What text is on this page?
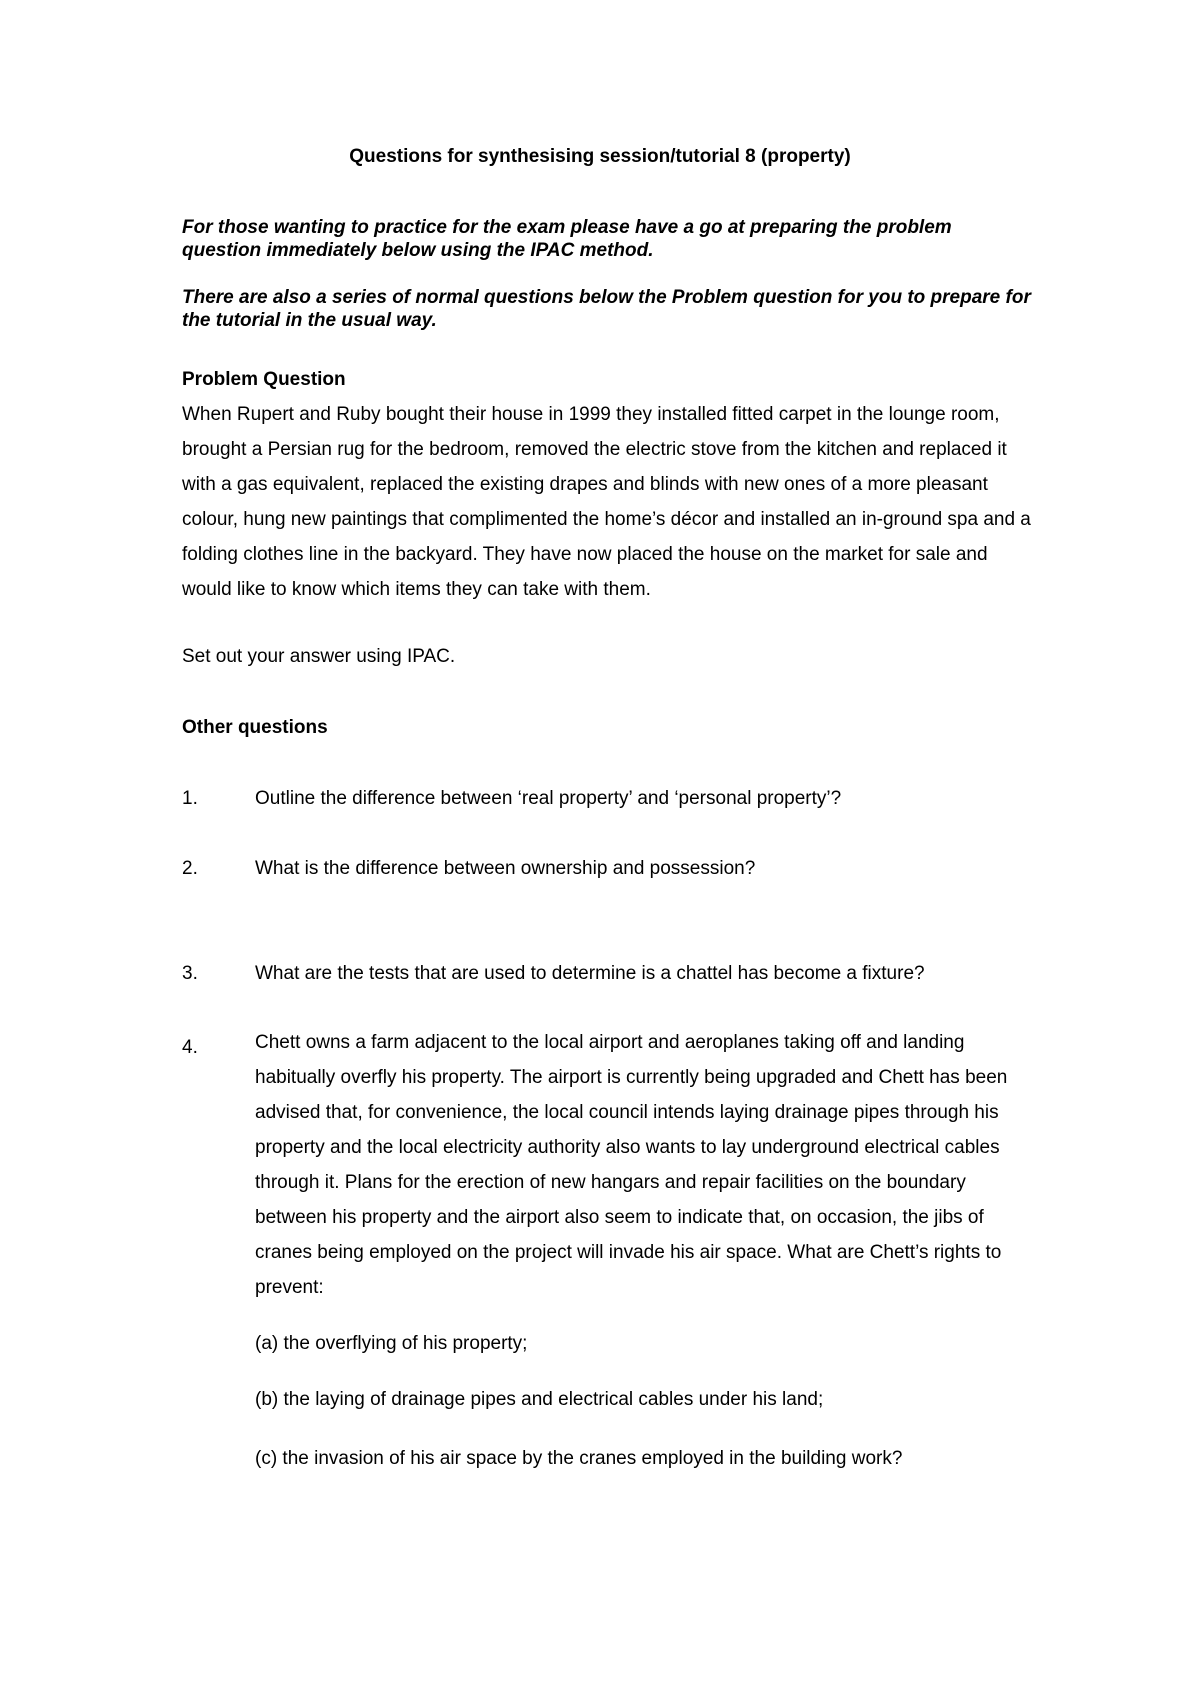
Questions for synthesising session/tutorial 8 (property)

For those wanting to practice for the exam please have a go at preparing the problem question immediately below using the IPAC method.

There are also a series of normal questions below the Problem question for you to prepare for the tutorial in the usual way.

Problem Question

When Rupert and Ruby bought their house in 1999 they installed fitted carpet in the lounge room, brought a Persian rug for the bedroom, removed the electric stove from the kitchen and replaced it with a gas equivalent, replaced the existing drapes and blinds with new ones of a more pleasant colour, hung new paintings that complimented the home’s décor and installed an in-ground spa and a folding clothes line in the backyard. They have now placed the house on the market for sale and would like to know which items they can take with them.

Set out your answer using IPAC.
Other questions
1.	Outline the difference between ‘real property’ and ‘personal property’?

2.	What is the difference between ownership and possession?

3.	What are the tests that are used to determine is a chattel has become a fixture?

4.	Chett owns a farm adjacent to the local airport and aeroplanes taking off and landing habitually overfly his property. The airport is currently being upgraded and Chett has been advised that, for convenience, the local council intends laying drainage pipes through his property and the local electricity authority also wants to lay underground electrical cables through it. Plans for the erection of new hangars and repair facilities on the boundary between his property and the airport also seem to indicate that, on occasion, the jibs of cranes being employed on the project will invade his air space. What are Chett’s rights to prevent:

(a) the overflying of his property;
(b) the laying of drainage pipes and electrical cables under his land;
(c) the invasion of his air space by the cranes employed in the building work?
